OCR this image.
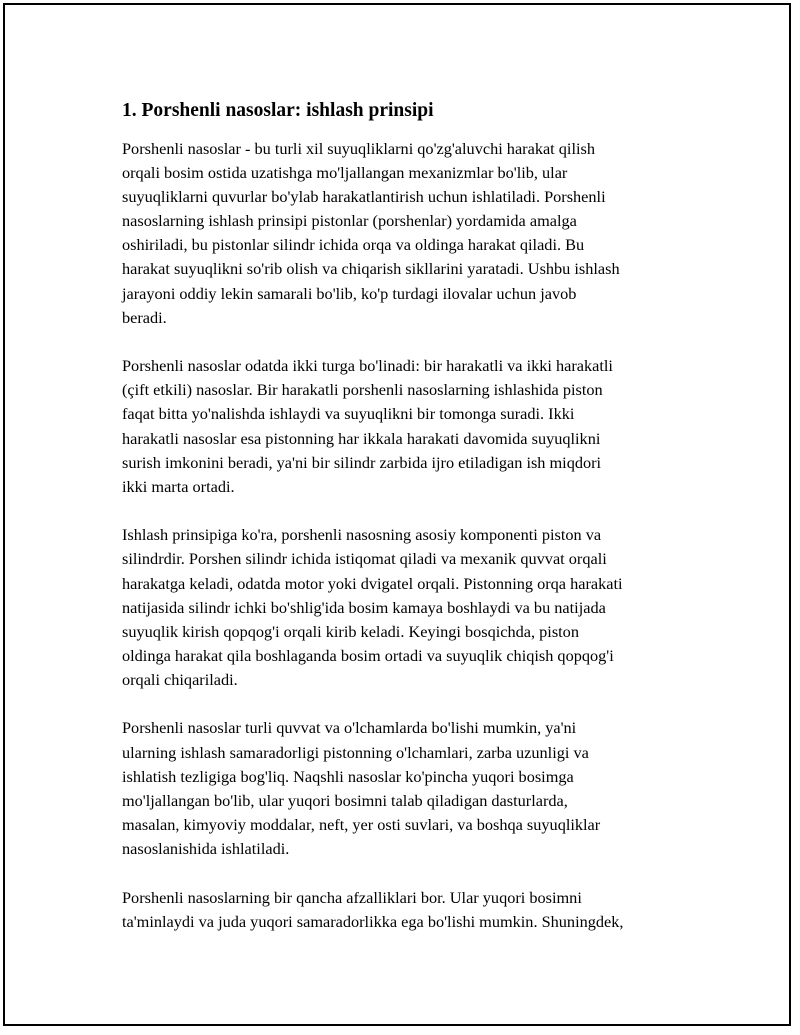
1. Porshenli nasoslar: ishlash prinsipi

Porshenli nasoslar - bu turli xil suyuqliklarni qo'zg'aluvchi harakat qilish
orqali bosim ostida uzatishga mo'ljallangan mexanizmlar bo'lib, ular
suyuqliklarni quvurlar bo'ylab harakatlantirish uchun ishlatiladi. Porshenli
nasoslarning ishlash prinsipi pistonlar (porshenlar) yordamida amalga
oshiriladi, bu pistonlar silindr ichida orqa va oldinga harakat qiladi. Bu
harakat suyuqlikni so'rib olish va chiqarish sikllarini yaratadi. Ushbu ishlash
jarayoni oddiy lekin samarali bo'lib, ko'p turdagi ilovalar uchun javob
beradi.

Porshenli nasoslar odatda ikki turga bo'linadi: bir harakatli va ikki harakatli
(çift etkili) nasoslar. Bir harakatli porshenli nasoslarning ishlashida piston
faqat bitta yo'nalishda ishlaydi va suyuqlikni bir tomonga suradi. Ikki
harakatli nasoslar esa pistonning har ikkala harakati davomida suyuqlikni
surish imkonini beradi, ya'ni bir silindr zarbida ijro etiladigan ish miqdori
ikki marta ortadi.

Ishlash prinsipiga ko'ra, porshenli nasosning asosiy komponenti piston va
silindrdir. Porshen silindr ichida istiqomat qiladi va mexanik quvvat orqali
harakatga keladi, odatda motor yoki dvigatel orqali. Pistonning orqa harakati
natijasida silindr ichki bo'shlig'ida bosim kamaya boshlaydi va bu natijada
suyuqlik kirish qopqog'i orqali kirib keladi. Keyingi bosqichda, piston
oldinga harakat qila boshlaganda bosim ortadi va suyuqlik chiqish qopqog'i
orqali chiqariladi.

Porshenli nasoslar turli quvvat va o'lchamlarda bo'lishi mumkin, ya'ni
ularning ishlash samaradorligi pistonning o'lchamlari, zarba uzunligi va
ishlatish tezligiga bog'liq. Naqshli nasoslar ko'pincha yuqori bosimga
mo'ljallangan bo'lib, ular yuqori bosimni talab qiladigan dasturlarda,
masalan, kimyoviy moddalar, neft, yer osti suvlari, va boshqa suyuqliklar
nasoslanishida ishlatiladi.

Porshenli nasoslarning bir qancha afzalliklari bor. Ular yuqori bosimni
ta'minlaydi va juda yuqori samaradorlikka ega bo'lishi mumkin. Shuningdek,
